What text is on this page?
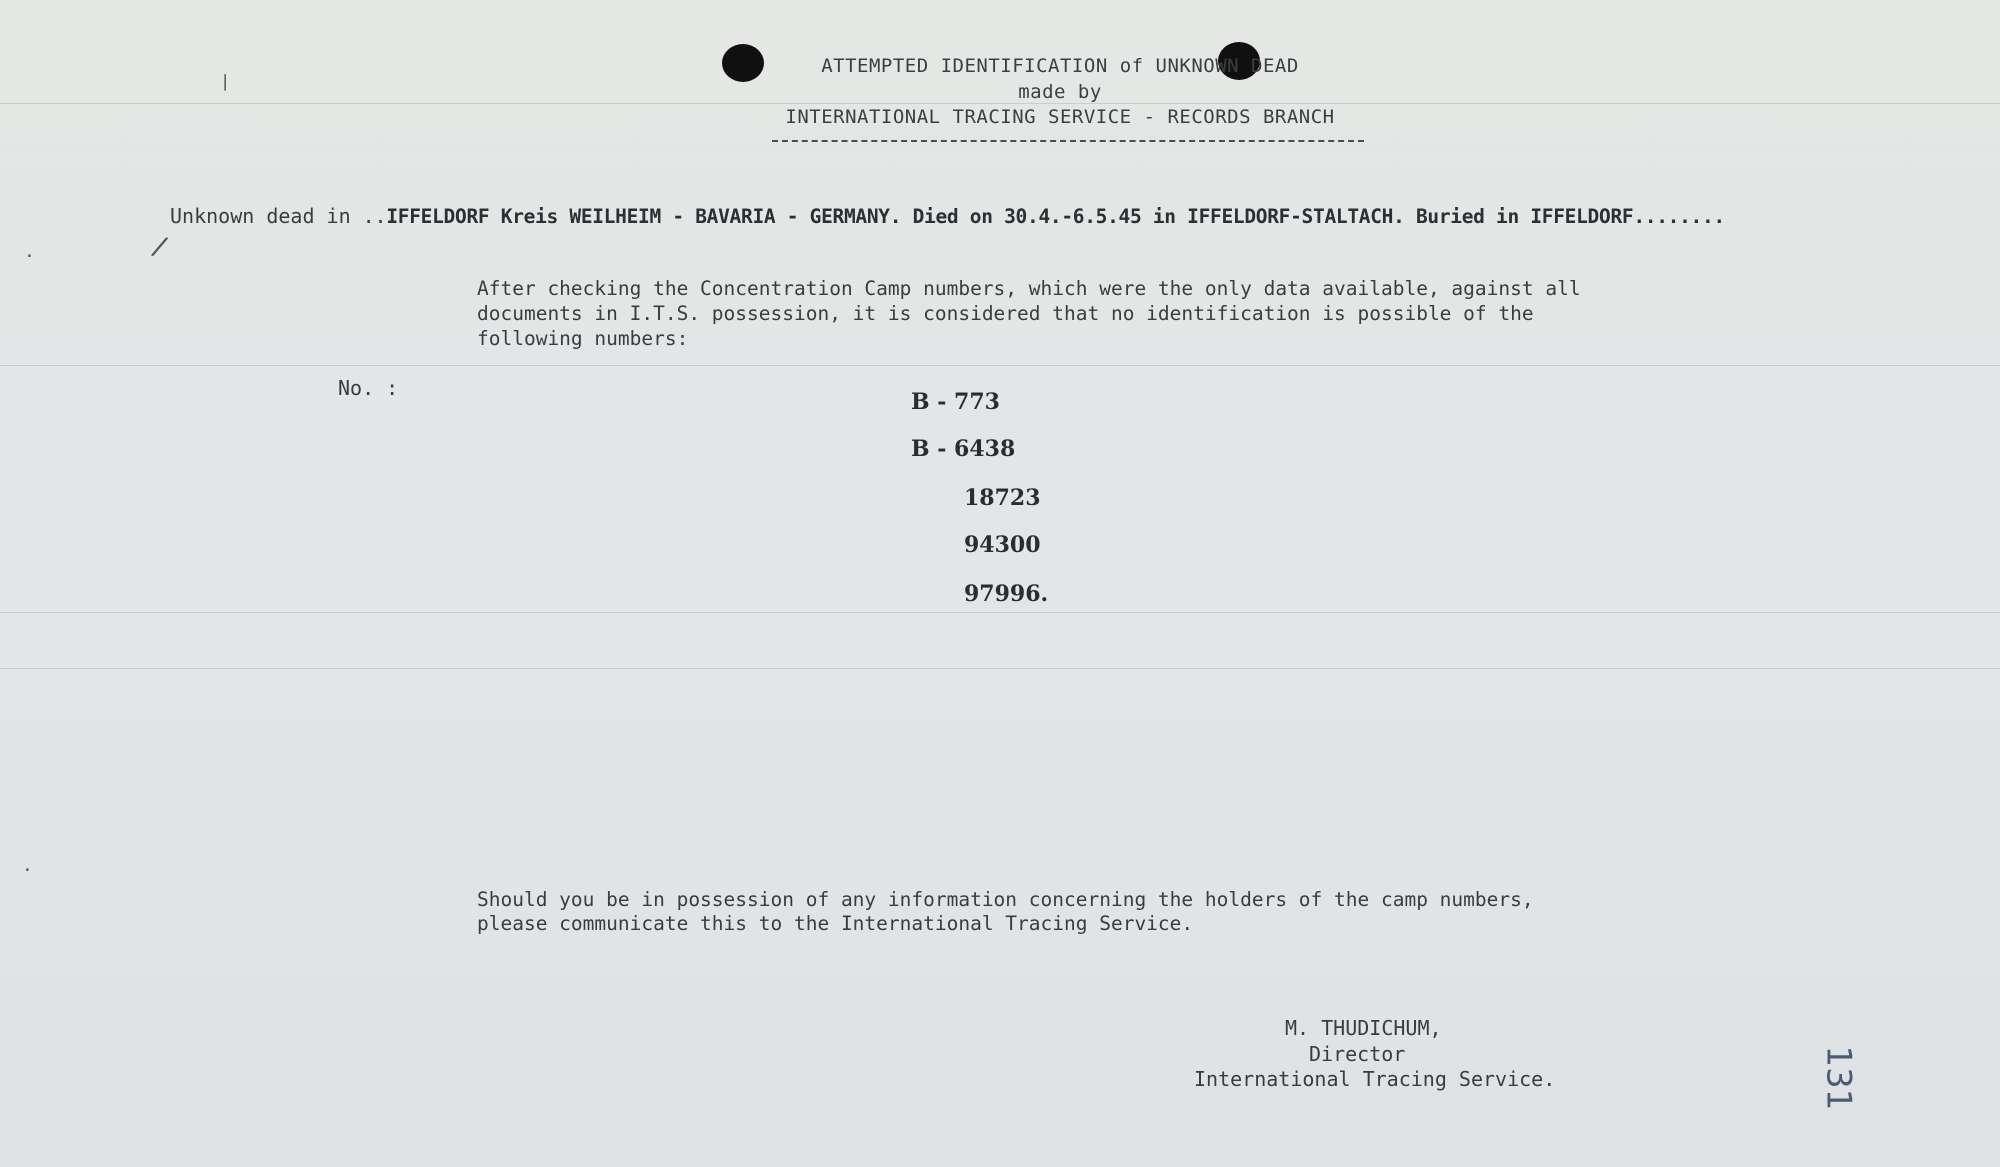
ATTEMPTED IDENTIFICATION of UNKNOWN DEAD
made by
INTERNATIONAL TRACING SERVICE - RECORDS BRANCH
Unknown dead in ..IFFELDORF Kreis WEILHEIM - BAVARIA - GERMANY. Died on 30.4.-6.5.45 in IFFELDORF-STALTACH. Buried in IFFELDORF........
After checking the Concentration Camp numbers, which were the only data available, against all
documents in I.T.S. possession, it is considered that no identification is possible of the
following numbers:
No. :
B - 773
B - 6438
18723
94300
97996.
Should you be in possession of any information concerning the holders of the camp numbers,
please communicate this to the International Tracing Service.
M. THUDICHUM,
Director
International Tracing Service.	131
/
/
·
·
